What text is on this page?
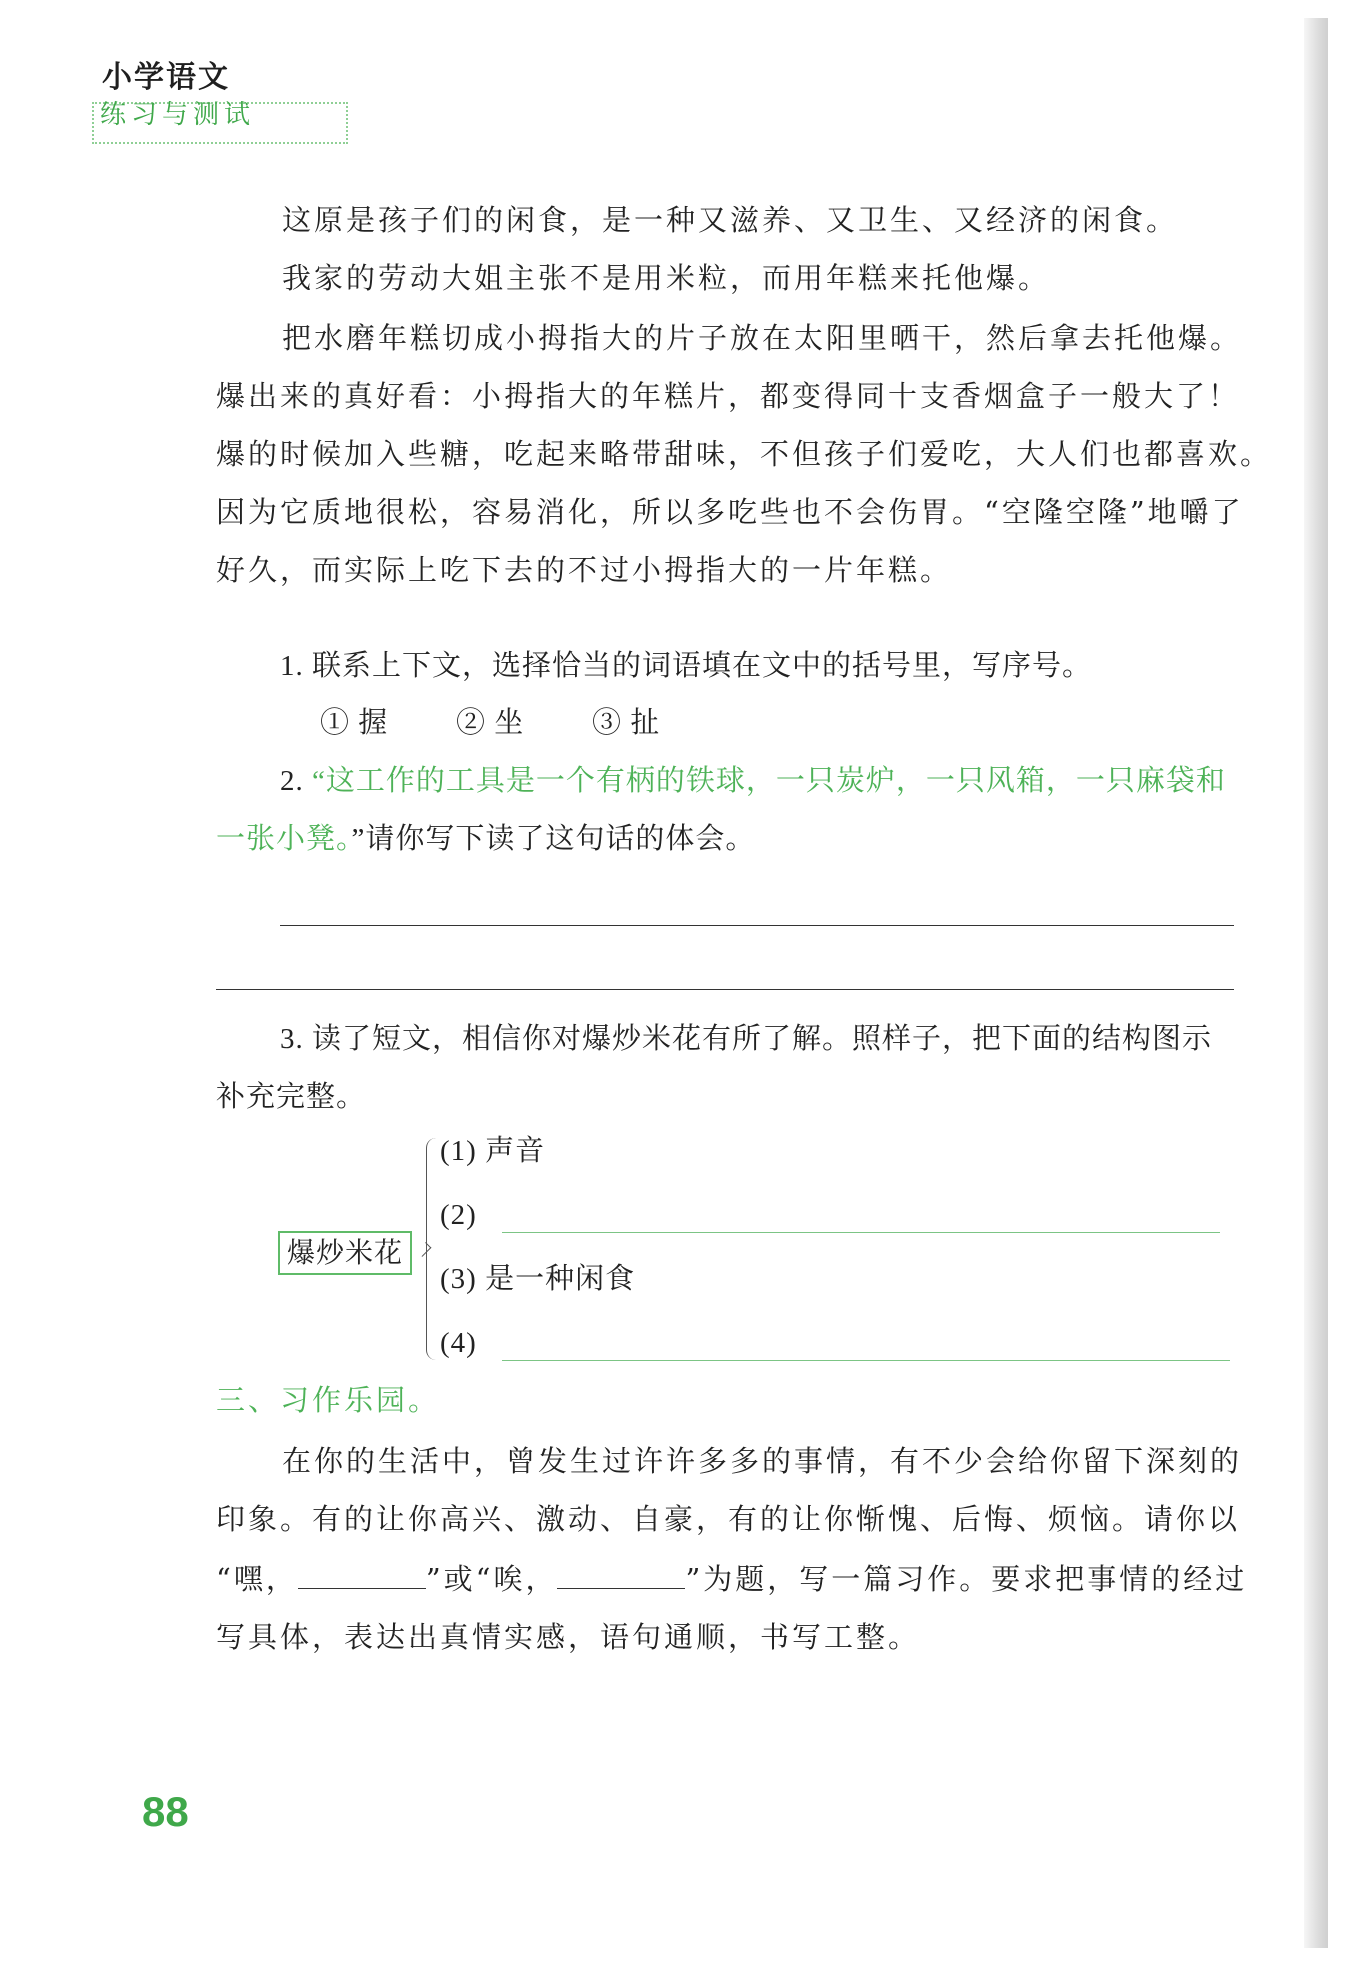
小学语文
练习与测试
这原是孩子们的闲食，是一种又滋养、又卫生、又经济的闲食。
我家的劳动大姐主张不是用米粒，而用年糕来托他爆。
把水磨年糕切成小拇指大的片子放在太阳里晒干，然后拿去托他爆。
爆出来的真好看：小拇指大的年糕片，都变得同十支香烟盒子一般大了！
爆的时候加入些糖，吃起来略带甜味，不但孩子们爱吃，大人们也都喜欢。
因为它质地很松，容易消化，所以多吃些也不会伤胃。“空隆空隆”地嚼了
好久，而实际上吃下去的不过小拇指大的一片年糕。
1. 联系上下文，选择恰当的词语填在文中的括号里，写序号。
① 握 ② 坐 ③ 扯
2. “这工作的工具是一个有柄的铁球，一只炭炉，一只风箱，一只麻袋和
一张小凳。”请你写下读了这句话的体会。
3. 读了短文，相信你对爆炒米花有所了解。照样子，把下面的结构图示
补充完整。
爆炒米花
(1) 声音
(2)
(3) 是一种闲食
(4)
三、习作乐园。
在你的生活中，曾发生过许许多多的事情，有不少会给你留下深刻的
印象。有的让你高兴、激动、自豪，有的让你惭愧、后悔、烦恼。请你以
“嘿，	”或“唉，	”为题，写一篇习作。要求把事情的经过
写具体，表达出真情实感，语句通顺，书写工整。
88
